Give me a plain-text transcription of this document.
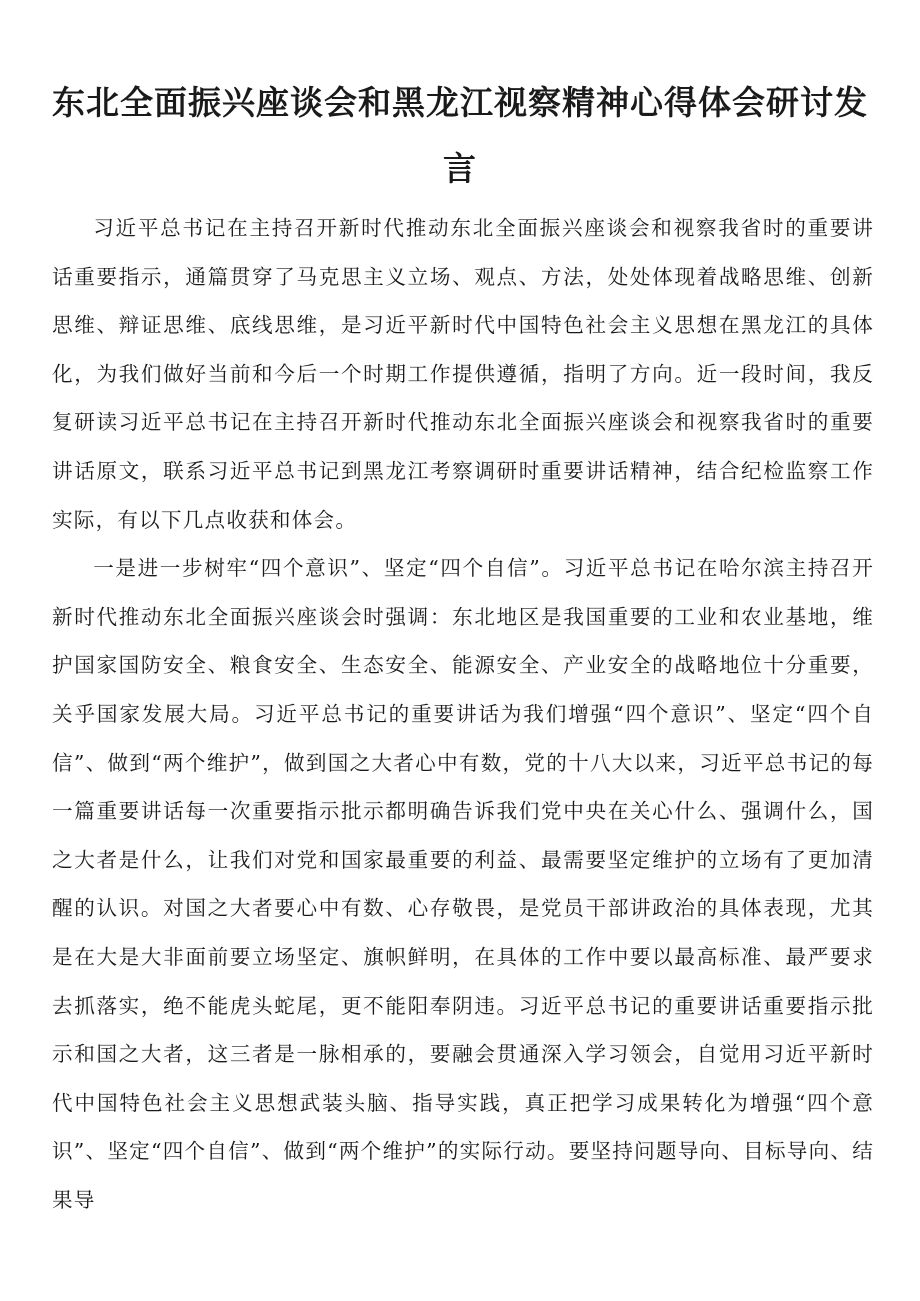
东北全面振兴座谈会和黑龙江视察精神心得体会研讨发言

习近平总书记在主持召开新时代推动东北全面振兴座谈会和视察我省时的重要讲话重要指示，通篇贯穿了马克思主义立场、观点、方法，处处体现着战略思维、创新思维、辩证思维、底线思维，是习近平新时代中国特色社会主义思想在黑龙江的具体化，为我们做好当前和今后一个时期工作提供遵循，指明了方向。近一段时间，我反复研读习近平总书记在主持召开新时代推动东北全面振兴座谈会和视察我省时的重要讲话原文，联系习近平总书记到黑龙江考察调研时重要讲话精神，结合纪检监察工作实际，有以下几点收获和体会。

一是进一步树牢“四个意识”、坚定“四个自信”。习近平总书记在哈尔滨主持召开新时代推动东北全面振兴座谈会时强调：东北地区是我国重要的工业和农业基地，维护国家国防安全、粮食安全、生态安全、能源安全、产业安全的战略地位十分重要，关乎国家发展大局。习近平总书记的重要讲话为我们增强“四个意识”、坚定“四个自信”、做到“两个维护”，做到国之大者心中有数，党的十八大以来，习近平总书记的每一篇重要讲话每一次重要指示批示都明确告诉我们党中央在关心什么、强调什么，国之大者是什么，让我们对党和国家最重要的利益、最需要坚定维护的立场有了更加清醒的认识。对国之大者要心中有数、心存敬畏，是党员干部讲政治的具体表现，尤其是在大是大非面前要立场坚定、旗帜鲜明，在具体的工作中要以最高标准、最严要求去抓落实，绝不能虎头蛇尾，更不能阳奉阴违。习近平总书记的重要讲话重要指示批示和国之大者，这三者是一脉相承的，要融会贯通深入学习领会，自觉用习近平新时代中国特色社会主义思想武装头脑、指导实践，真正把学习成果转化为增强“四个意识”、坚定“四个自信”、做到“两个维护”的实际行动。要坚持问题导向、目标导向、结果导
